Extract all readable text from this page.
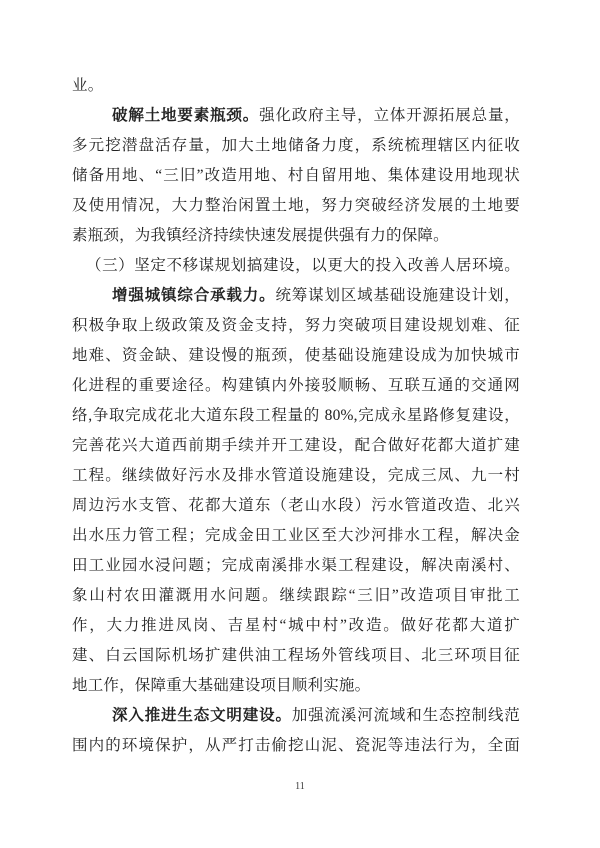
业。
破解土地要素瓶颈。强化政府主导，立体开源拓展总量，
多元挖潜盘活存量，加大土地储备力度，系统梳理辖区内征收
储备用地、“三旧”改造用地、村自留用地、集体建设用地现状
及使用情况，大力整治闲置土地，努力突破经济发展的土地要
素瓶颈，为我镇经济持续快速发展提供强有力的保障。
（三）坚定不移谋规划搞建设，以更大的投入改善人居环境。
增强城镇综合承载力。统筹谋划区域基础设施建设计划，
积极争取上级政策及资金支持，努力突破项目建设规划难、征
地难、资金缺、建设慢的瓶颈，使基础设施建设成为加快城市
化进程的重要途径。构建镇内外接驳顺畅、互联互通的交通网
络,争取完成花北大道东段工程量的 80%,完成永星路修复建设，
完善花兴大道西前期手续并开工建设，配合做好花都大道扩建
工程。继续做好污水及排水管道设施建设，完成三凤、九一村
周边污水支管、花都大道东（老山水段）污水管道改造、北兴
出水压力管工程；完成金田工业区至大沙河排水工程，解决金
田工业园水浸问题；完成南溪排水渠工程建设，解决南溪村、
象山村农田灌溉用水问题。继续跟踪“三旧”改造项目审批工
作，大力推进凤岗、吉星村“城中村”改造。做好花都大道扩
建、白云国际机场扩建供油工程场外管线项目、北三环项目征
地工作，保障重大基础建设项目顺利实施。
深入推进生态文明建设。加强流溪河流域和生态控制线范
围内的环境保护，从严打击偷挖山泥、瓷泥等违法行为，全面
11
